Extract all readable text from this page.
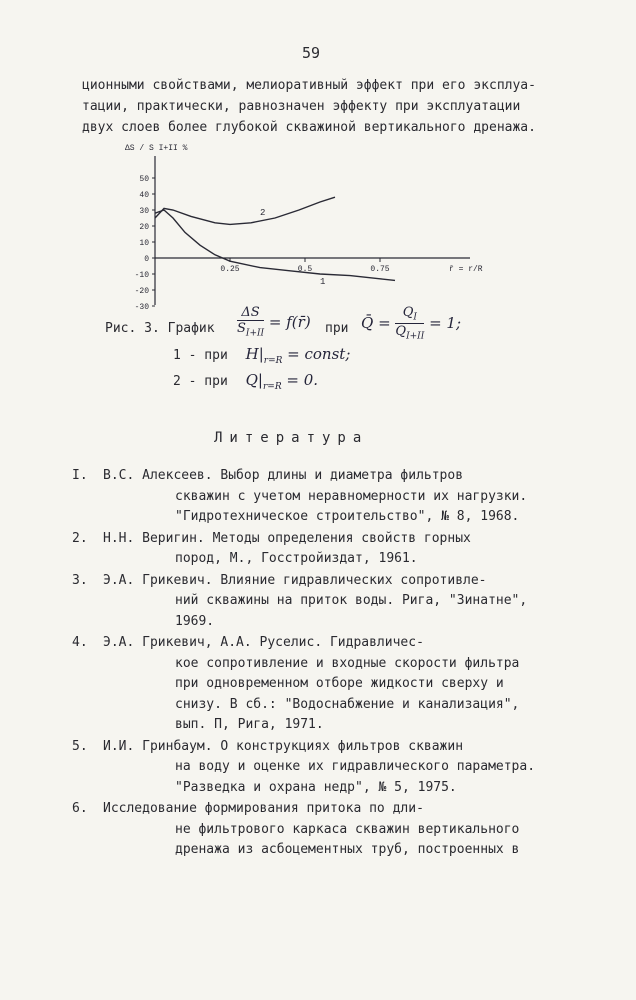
59
ционными свойствами, мелиоративный эффект при его эксплуа-
тации, практически, равнозначен эффекту при эксплуатации
двух слоев более глубокой скважиной вертикального дренажа.
ΔS / S I+II %
50
40
30
20
10
0
-10
-20
-30
0.25	0.5	0.75	r̄ = r/R
2
1
Рис. 3. График $\frac{\Delta S}{S_{I+II}}$ = f(r̄) при Q̄ = $\frac{Q_I}{Q_{I+II}} = 1$;
1 - при $H|_{r=R}$ = const;
2 - при $Q|_{r=R} = 0$.
Литература
I. В.С. Алексеев. Выбор длины и диаметра фильтров
скважин с учетом неравномерности их нагрузки.
"Гидротехническое строительство", № 8, 1968.
2. Н.Н. Веригин. Методы определения свойств горных
пород, М., Госстройиздат, 1961.
3. Э.А. Грикевич. Влияние гидравлических сопротивле-
ний скважины на приток воды. Рига, "Зинатне",
1969.
4. Э.А. Грикевич, А.А. Руселис. Гидравличес-
кое сопротивление и входные скорости фильтра
при одновременном отборе жидкости сверху и
снизу. В сб.: "Водоснабжение и канализация",
вып. П, Рига, 1971.
5. И.И. Гринбаум. О конструкциях фильтров скважин
на воду и оценке их гидравлического параметра.
"Разведка и охрана недр", № 5, 1975.
6. Исследование формирования притока по дли-
не фильтрового каркаса скважин вертикального
дренажа из асбоцементных труб, построенных в
